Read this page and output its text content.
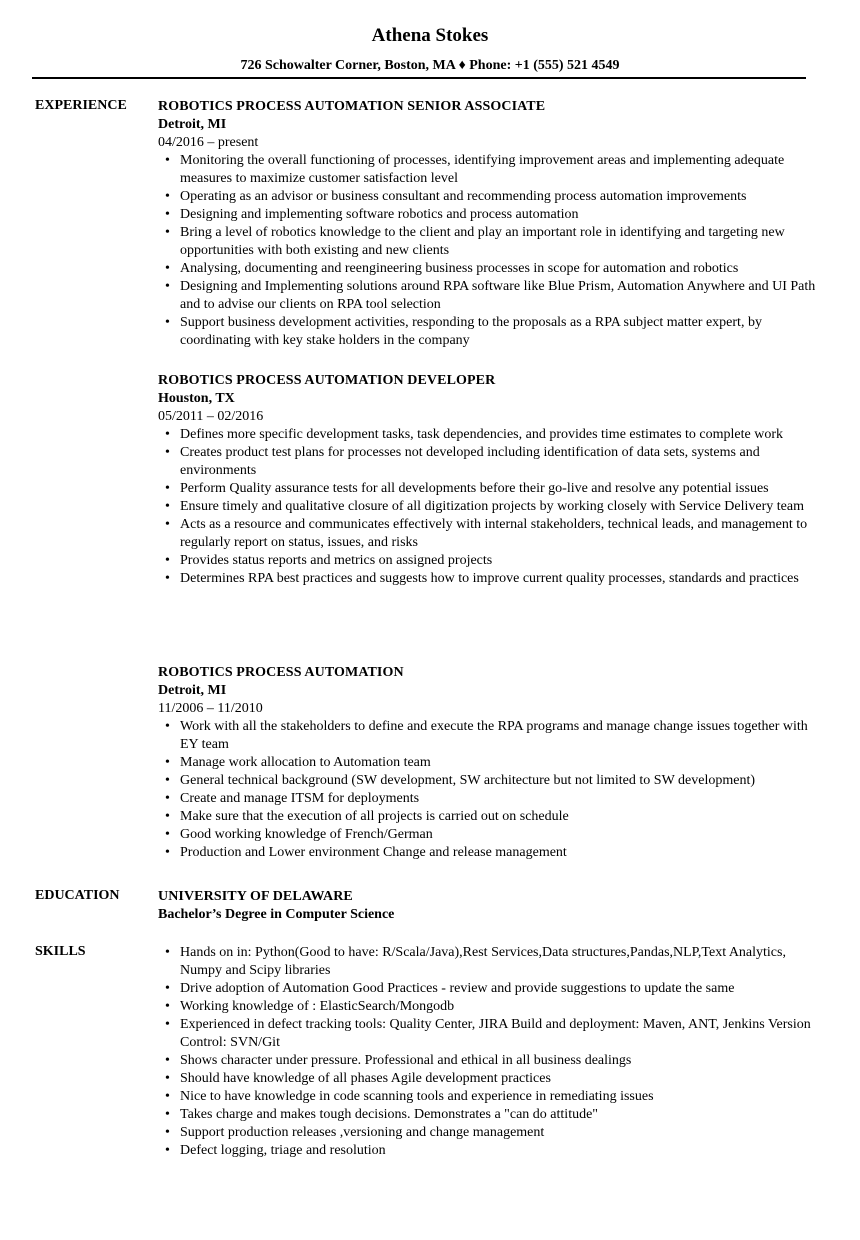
Athena Stokes
726 Schowalter Corner, Boston, MA ♦ Phone: +1 (555) 521 4549
EXPERIENCE ROBOTICS PROCESS AUTOMATION SENIOR ASSOCIATE
Detroit, MI
04/2016 – present
• Monitoring the overall functioning of processes, identifying improvement areas and implementing adequate measures to maximize customer satisfaction level
• Operating as an advisor or business consultant and recommending process automation improvements
• Designing and implementing software robotics and process automation
• Bring a level of robotics knowledge to the client and play an important role in identifying and targeting new opportunities with both existing and new clients
• Analysing, documenting and reengineering business processes in scope for automation and robotics
• Designing and Implementing solutions around RPA software like Blue Prism, Automation Anywhere and UI Path and to advise our clients on RPA tool selection
• Support business development activities, responding to the proposals as a RPA subject matter expert, by coordinating with key stake holders in the company
ROBOTICS PROCESS AUTOMATION DEVELOPER
Houston, TX
05/2011 – 02/2016
• Defines more specific development tasks, task dependencies, and provides time estimates to complete work
• Creates product test plans for processes not developed including identification of data sets, systems and environments
• Perform Quality assurance tests for all developments before their go-live and resolve any potential issues
• Ensure timely and qualitative closure of all digitization projects by working closely with Service Delivery team
• Acts as a resource and communicates effectively with internal stakeholders, technical leads, and management to regularly report on status, issues, and risks
• Provides status reports and metrics on assigned projects
• Determines RPA best practices and suggests how to improve current quality processes, standards and practices
ROBOTICS PROCESS AUTOMATION
Detroit, MI
11/2006 – 11/2010
• Work with all the stakeholders to define and execute the RPA programs and manage change issues together with EY team
• Manage work allocation to Automation team
• General technical background (SW development, SW architecture but not limited to SW development)
• Create and manage ITSM for deployments
• Make sure that the execution of all projects is carried out on schedule
• Good working knowledge of French/German
• Production and Lower environment Change and release management
EDUCATION	UNIVERSITY OF DELAWARE
Bachelor’s Degree in Computer Science
SKILLS
•	Hands on in: Python(Good to have: R/Scala/Java),Rest Services,Data structures,Pandas,NLP,Text Analytics, Numpy and Scipy libraries
• Drive adoption of Automation Good Practices - review and provide suggestions to update the same
• Working knowledge of : ElasticSearch/Mongodb
• Experienced in defect tracking tools: Quality Center, JIRA Build and deployment: Maven, ANT, Jenkins Version Control: SVN/Git
• Shows character under pressure. Professional and ethical in all business dealings
• Should have knowledge of all phases Agile development practices
• Nice to have knowledge in code scanning tools and experience in remediating issues
• Takes charge and makes tough decisions. Demonstrates a "can do attitude"
• Support production releases ,versioning and change management
• Defect logging, triage and resolution
